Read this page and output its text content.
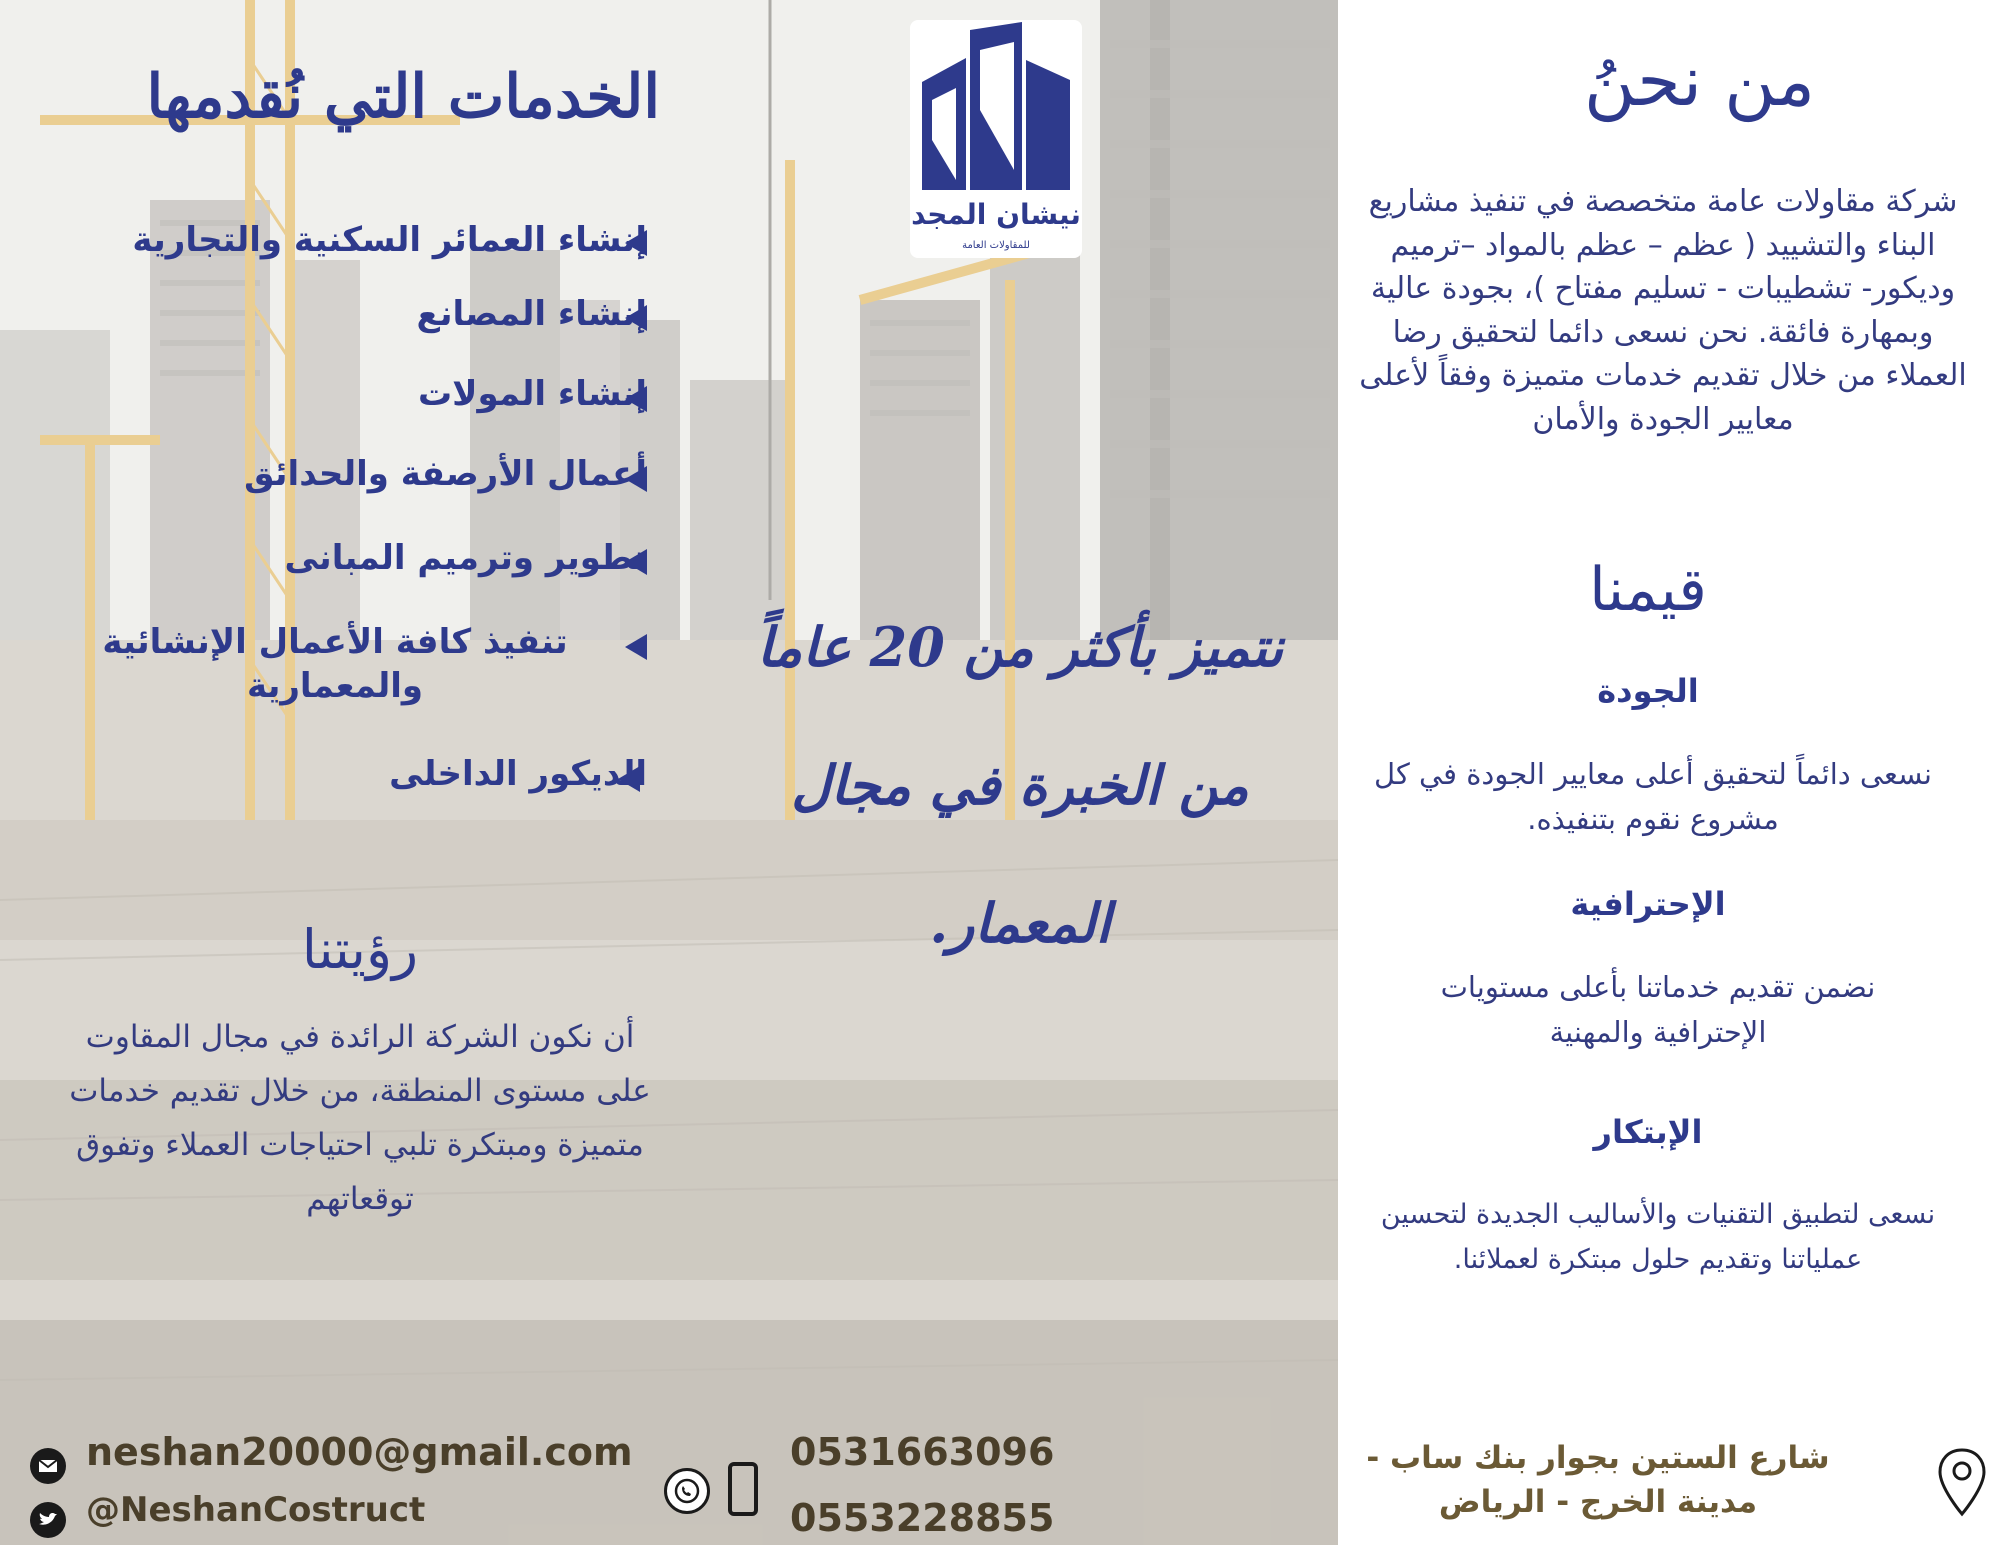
نيشان المجد
للمقاولات العامة
الخدمات التي نُقدمها
إنشاء العمائر السكنية والتجارية
إنشاء المصانع
إنشاء المولات
أعمال الأرصفة والحدائق
تطوير وترميم المبانى
تنفيذ كافة الأعمال الإنشائية والمعمارية
الديكور الداخلى
نتميز بأكثر من 20 عاماً
من الخبرة في مجال
المعمار.
رؤيتنا
أن نكون الشركة الرائدة في مجال المقاوت على مستوى المنطقة، من خلال تقديم خدمات متميزة ومبتكرة تلبي احتياجات العملاء وتفوق توقعاتهم
neshan20000@gmail.com
@NeshanCostruct
0531663096
0553228855
من نحنُ
شركة مقاولات عامة متخصصة في تنفيذ مشاريع البناء والتشييد ( عظم – عظم بالمواد –ترميم وديكور- تشطيبات - تسليم مفتاح )، بجودة عالية وبمهارة فائقة. نحن نسعى دائما لتحقيق رضا العملاء من خلال تقديم خدمات متميزة وفقاً لأعلى معايير الجودة والأمان
قيمنا
الجودة
نسعى دائماً لتحقيق أعلى معايير الجودة في كل مشروع نقوم بتنفيذه.
الإحترافية
نضمن تقديم خدماتنا بأعلى مستويات الإحترافية والمهنية
الإبتكار
نسعى لتطبيق التقنيات والأساليب الجديدة لتحسين عملياتنا وتقديم حلول مبتكرة لعملائنا.
شارع الستين بجوار بنك ساب - مدينة الخرج - الرياض
